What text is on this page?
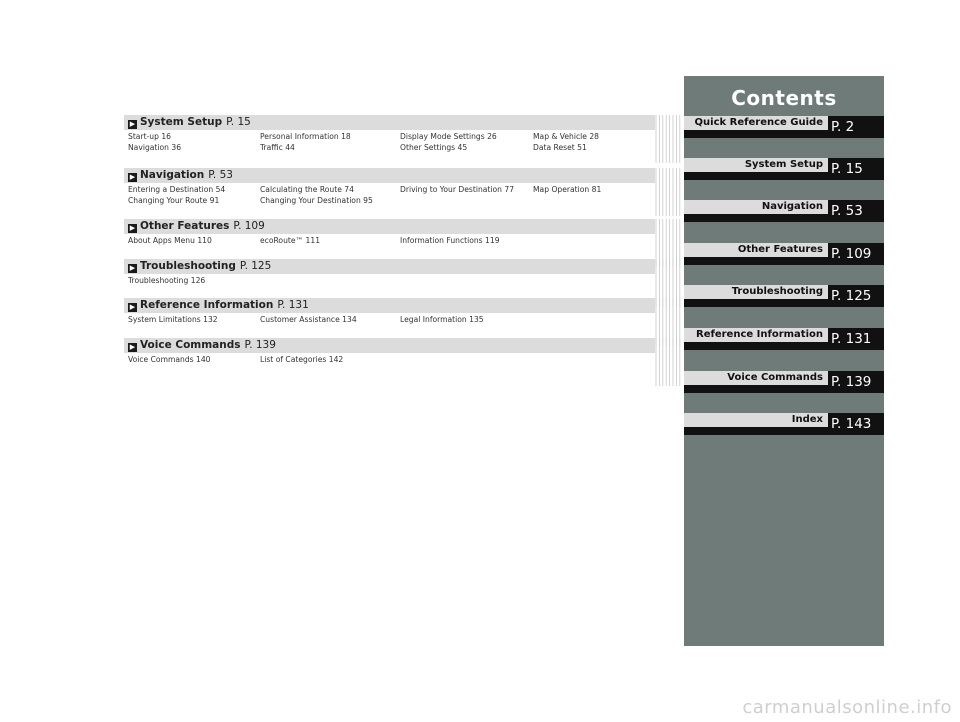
▶ System Setup P. 15
Start-up 16	Personal Information 18	Display Mode Settings 26	Map & Vehicle 28
Navigation 36	Traffic 44	Other Settings 45	Data Reset 51
▶ Navigation P. 53
Entering a Destination 54	Calculating the Route 74	Driving to Your Destination 77 Map Operation 81
Changing Your Route 91	Changing Your Destination 95
▶ Other Features P. 109
About Apps Menu 110	ecoRoute™ 111	Information Functions 119
▶ Troubleshooting P. 125
Troubleshooting 126
▶ Reference Information P. 131
System Limitations 132	Customer Assistance 134	Legal Information 135
▶ Voice Commands P. 139
Voice Commands 140	List of Categories 142
Contents
Quick Reference Guide P. 2
System Setup P. 15
Navigation P. 53
Other Features P. 109
Troubleshooting P. 125
Reference Information P. 131
Voice Commands P. 139
Index P. 143
carmanualsonline.info
